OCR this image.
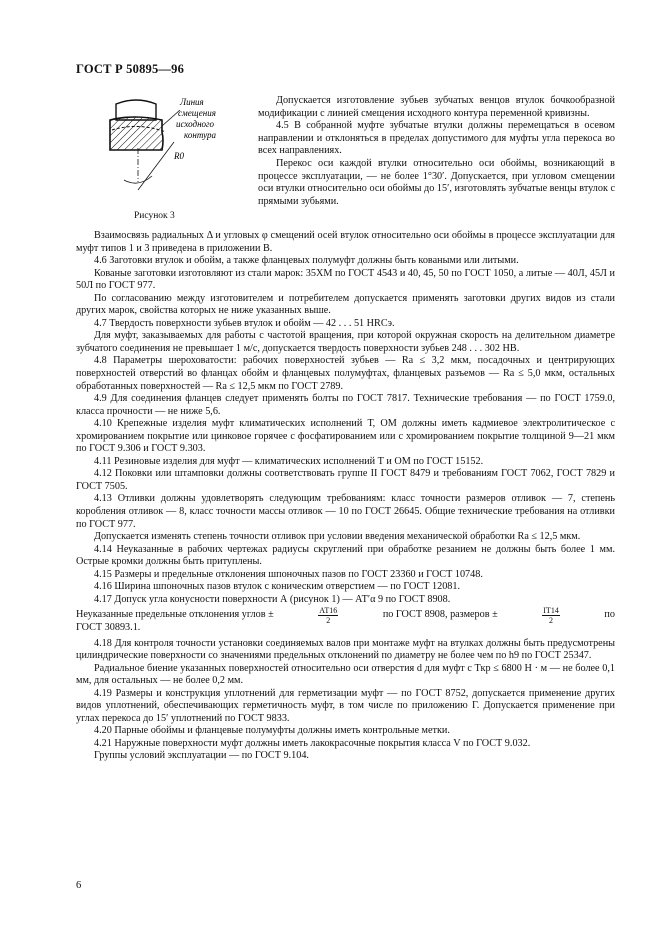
ГОСТ Р 50895—96
R0
Линия
смещения
исходного
контура
Рисунок 3

Допускается изготовление зубьев зубчатых венцов втулок бочкообразной модификации с линией смещения исходного контура переменной кривизны.

4.5 В собранной муфте зубчатые втулки должны перемещаться в осевом направлении и отклоняться в пределах допустимого для муфты угла перекоса во всех направлениях.

Перекос оси каждой втулки относительно оси обоймы, возникающий в процессе эксплуатации, — не более 1°30′. Допускается, при угловом смещении оси втулки относительно оси обоймы до 15′, изготовлять зубчатые венцы втулок с прямыми зубьями.

Взаимосвязь радиальных Δ и угловых φ смещений осей втулок относительно оси обоймы в процессе эксплуатации для муфт типов 1 и 3 приведена в приложении В.

4.6 Заготовки втулок и обойм, а также фланцевых полумуфт должны быть коваными или литыми.

Кованые заготовки изготовляют из стали марок: 35ХМ по ГОСТ 4543 и 40, 45, 50 по ГОСТ 1050, а литые — 40Л, 45Л и 50Л по ГОСТ 977.

По согласованию между изготовителем и потребителем допускается применять заготовки других видов из стали других марок, свойства которых не ниже указанных выше.

4.7 Твердость поверхности зубьев втулок и обойм — 42 . . . 51 HRCэ.

Для муфт, заказываемых для работы с частотой вращения, при которой окружная скорость на делительном диаметре зубчатого соединения не превышает 1 м/с, допускается твердость поверхности зубьев 248 . . . 302 НВ.

4.8 Параметры шероховатости: рабочих поверхностей зубьев — Ra ≤ 3,2 мкм, посадочных и центрирующих поверхностей отверстий во фланцах обойм и фланцевых полумуфтах, фланцевых разъемов — Ra ≤ 5,0 мкм, остальных обработанных поверхностей — Ra ≤ 12,5 мкм по ГОСТ 2789.

4.9 Для соединения фланцев следует применять болты по ГОСТ 7817. Технические требования — по ГОСТ 1759.0, класса прочности — не ниже 5,6.

4.10 Крепежные изделия муфт климатических исполнений Т, ОМ должны иметь кадмиевое электролитическое с хромированием покрытие или цинковое горячее с фосфатированием или с хромированием покрытие толщиной 9—21 мкм по ГОСТ 9.306 и ГОСТ 9.303.

4.11 Резиновые изделия для муфт — климатических исполнений Т и ОМ по ГОСТ 15152.

4.12 Поковки или штамповки должны соответствовать группе II ГОСТ 8479 и требованиям ГОСТ 7062, ГОСТ 7829 и ГОСТ 7505.

4.13 Отливки должны удовлетворять следующим требованиям: класс точности размеров отливок — 7, степень коробления отливок — 8, класс точности массы отливок — 10 по ГОСТ 26645. Общие технические требования на отливки по ГОСТ 977.

Допускается изменять степень точности отливок при условии введения механической обработки Ra ≤ 12,5 мкм.

4.14 Неуказанные в рабочих чертежах радиусы скруглений при обработке резанием не должны быть более 1 мм. Острые кромки должны быть притуплены.

4.15 Размеры и предельные отклонения шпоночных пазов по ГОСТ 23360 и ГОСТ 10748.

4.16 Ширина шпоночных пазов втулок с коническим отверстием — по ГОСТ 12081.

4.17 Допуск угла конусности поверхности А (рисунок 1) — АТ′α 9 по ГОСТ 8908.

Неуказанные предельные отклонения углов ±	$\frac{АТ16}{2}$	по ГОСТ 8908, размеров ±	$\frac{IT14}{2}$	по

ГОСТ 30893.1.

4.18 Для контроля точности установки соединяемых валов при монтаже муфт на втулках должны быть предусмотрены цилиндрические поверхности со значениями предельных отклонений по диаметру не более чем по h9 по ГОСТ 25347.

Радиальное биение указанных поверхностей относительно оси отверстия d для муфт с Ткр ≤ 6800 Н · м — не более 0,1 мм, для остальных — не более 0,2 мм.

4.19 Размеры и конструкция уплотнений для герметизации муфт — по ГОСТ 8752, допускается применение других видов уплотнений, обеспечивающих герметичность муфт, в том числе по приложению Г. Допускается применение при углах перекоса до 15′ уплотнений по ГОСТ 9833.

4.20 Парные обоймы и фланцевые полумуфты должны иметь контрольные метки.

4.21 Наружные поверхности муфт должны иметь лакокрасочные покрытия класса V по ГОСТ 9.032.

Группы условий эксплуатации — по ГОСТ 9.104.

6
